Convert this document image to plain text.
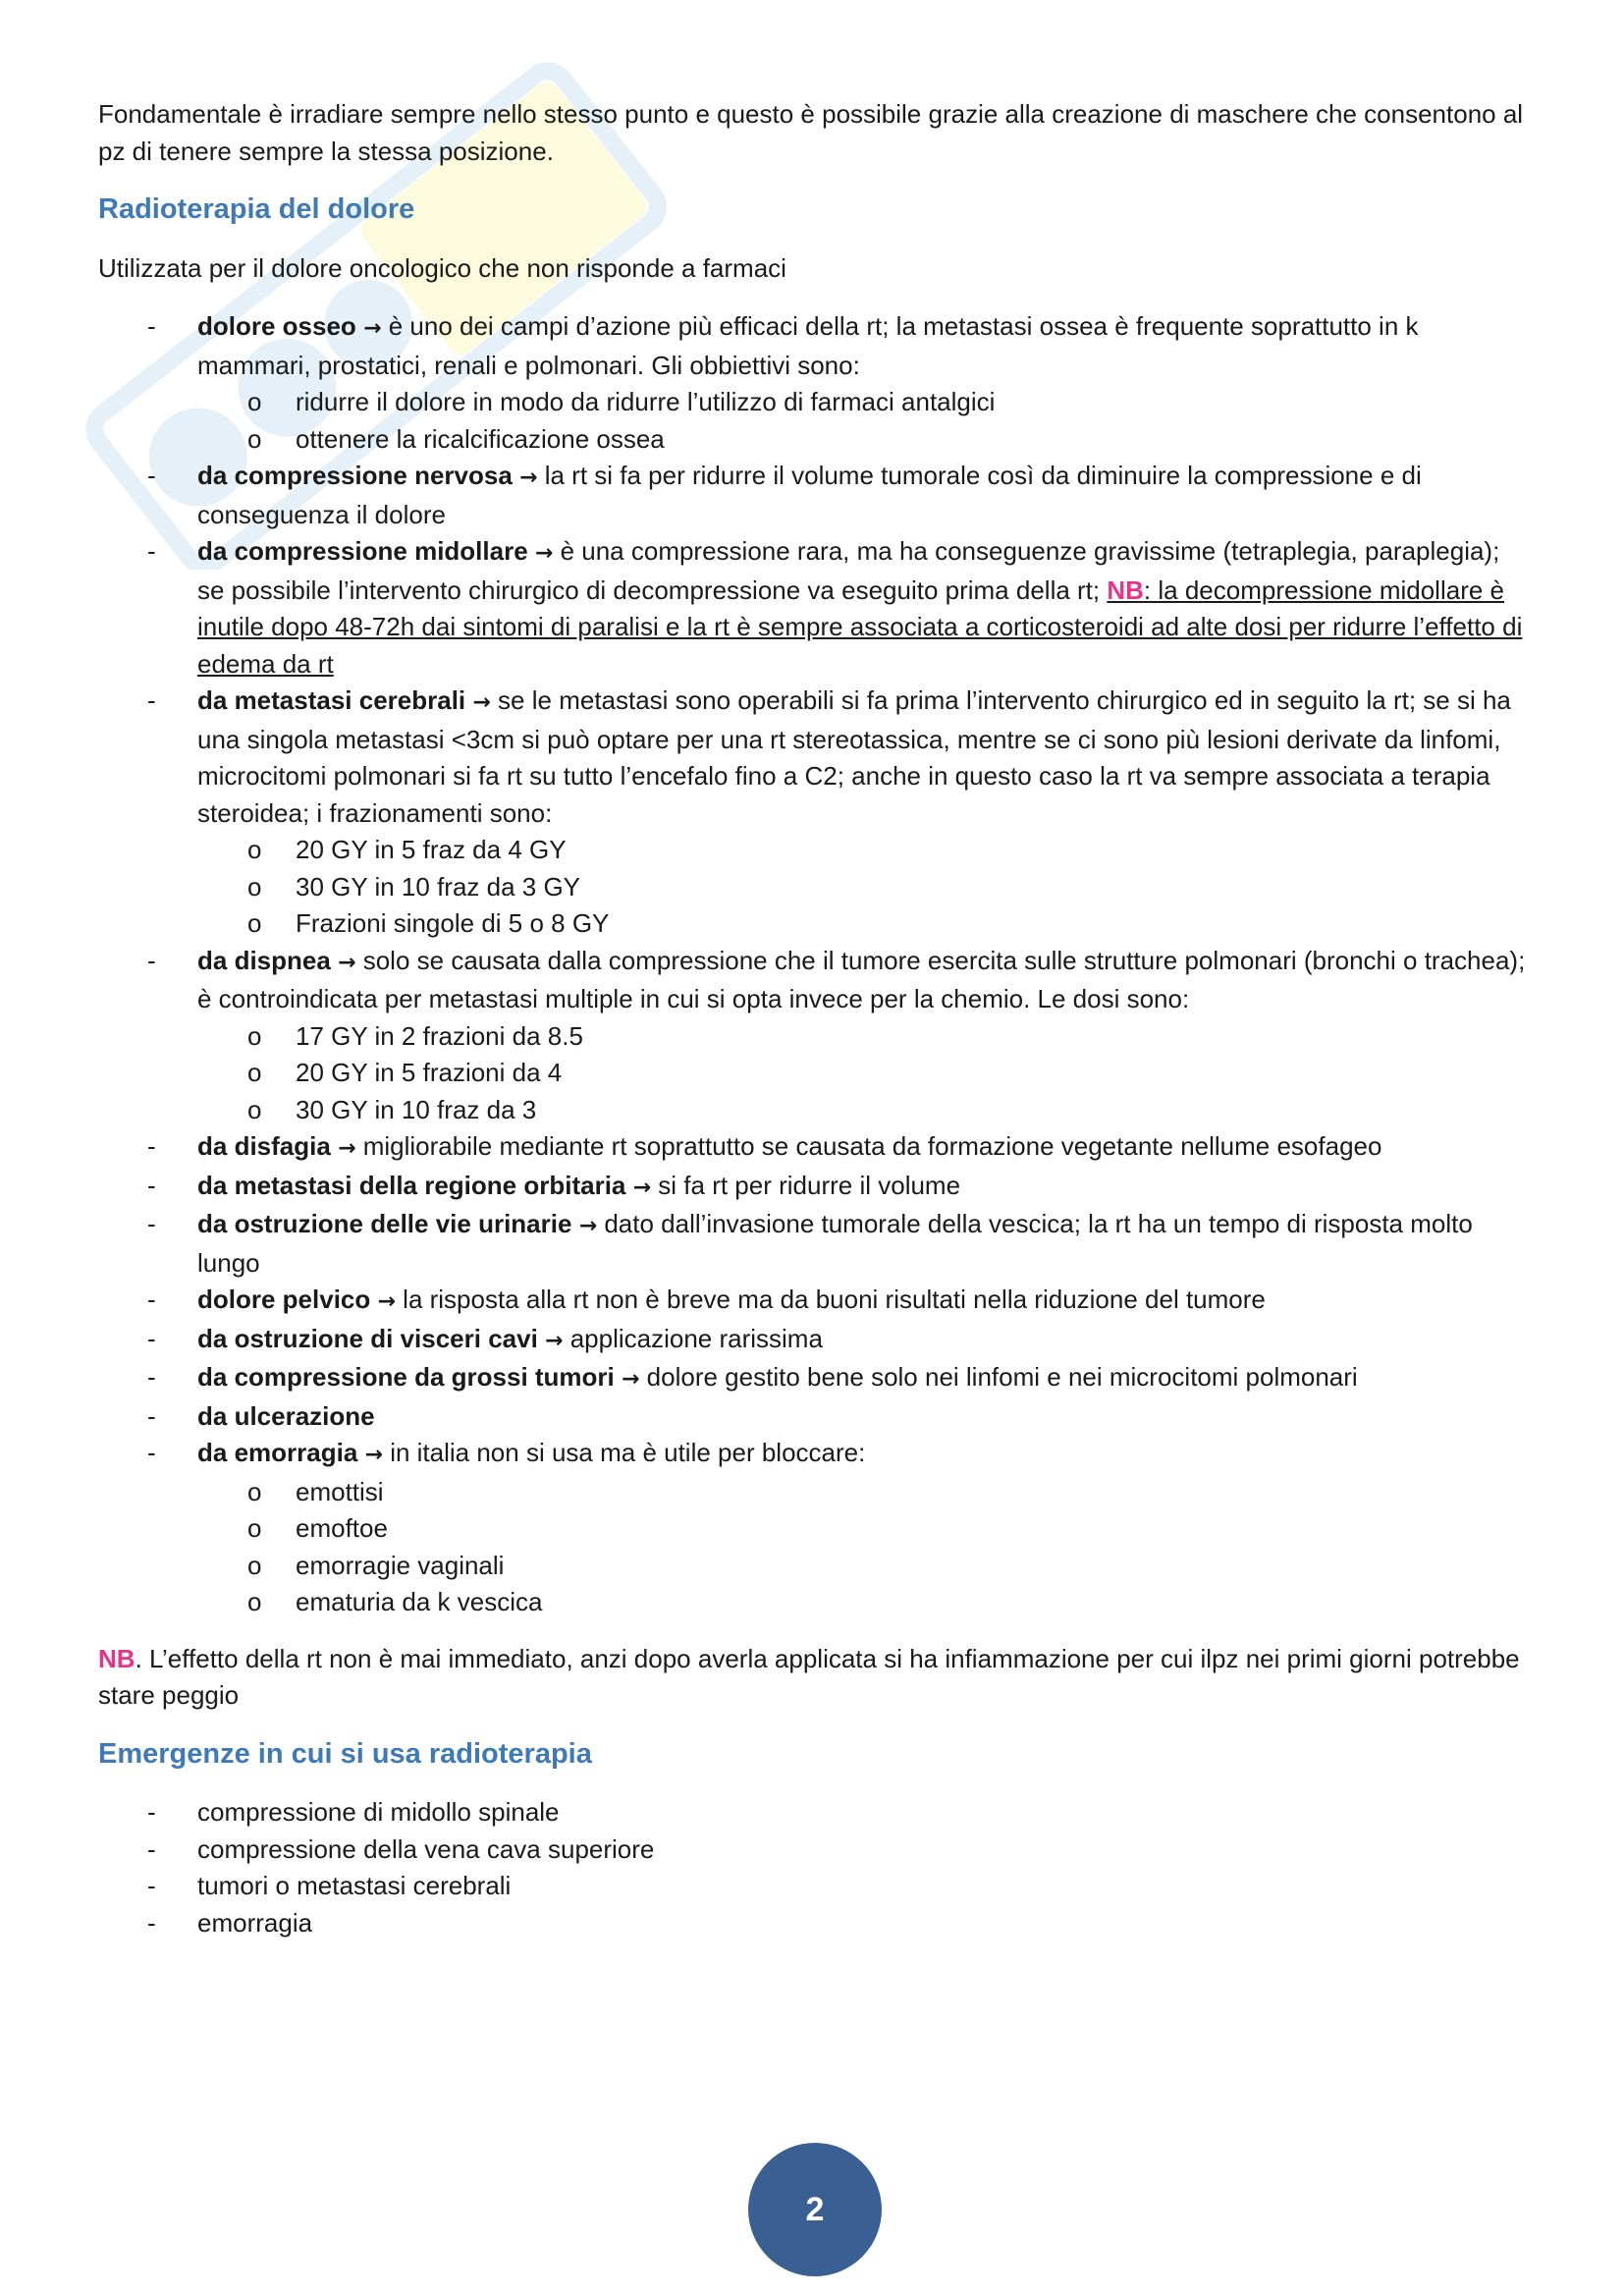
Fondamentale è irradiare sempre nello stesso punto e questo è possibile grazie alla creazione di maschere che consentono al pz di tenere sempre la stessa posizione.

Radioterapia del dolore

Utilizzata per il dolore oncologico che non risponde a farmaci

- dolore osseo → è uno dei campi d’azione più efficaci della rt; la metastasi ossea è frequente soprattutto in k mammari, prostatici, renali e polmonari. Gli obbiettivi sono:
o ridurre il dolore in modo da ridurre l’utilizzo di farmaci antalgici
o ottenere la ricalcificazione ossea
- da compressione nervosa → la rt si fa per ridurre il volume tumorale così da diminuire la compressione e di conseguenza il dolore
- da compressione midollare → è una compressione rara, ma ha conseguenze gravissime (tetraplegia, paraplegia); se possibile l’intervento chirurgico di decompressione va eseguito prima della rt; NB: la decompressione midollare è inutile dopo 48-72h dai sintomi di paralisi e la rt è sempre associata a corticosteroidi ad alte dosi per ridurre l’effetto di edema da rt
- da metastasi cerebrali → se le metastasi sono operabili si fa prima l’intervento chirurgico ed in seguito la rt; se si ha una singola metastasi <3cm si può optare per una rt stereotassica, mentre se ci sono più lesioni derivate da linfomi, microcitomi polmonari si fa rt su tutto l’encefalo fino a C2; anche in questo caso la rt va sempre associata a terapia steroidea; i frazionamenti sono:
o 20 GY in 5 fraz da 4 GY
o 30 GY in 10 fraz da 3 GY
o Frazioni singole di 5 o 8 GY
- da dispnea → solo se causata dalla compressione che il tumore esercita sulle strutture polmonari (bronchi o trachea); è controindicata per metastasi multiple in cui si opta invece per la chemio. Le dosi sono:
o 17 GY in 2 frazioni da 8.5
o 20 GY in 5 frazioni da 4
o 30 GY in 10 fraz da 3
- da disfagia → migliorabile mediante rt soprattutto se causata da formazione vegetante nellume esofageo
- da metastasi della regione orbitaria → si fa rt per ridurre il volume
- da ostruzione delle vie urinarie → dato dall’invasione tumorale della vescica; la rt ha un tempo di risposta molto lungo
- dolore pelvico → la risposta alla rt non è breve ma da buoni risultati nella riduzione del tumore
- da ostruzione di visceri cavi → applicazione rarissima
- da compressione da grossi tumori → dolore gestito bene solo nei linfomi e nei microcitomi polmonari
- da ulcerazione
- da emorragia → in italia non si usa ma è utile per bloccare:
o emottisi
o emoftoe
o emorragie vaginali
o ematuria da k vescica

NB. L’effetto della rt non è mai immediato, anzi dopo averla applicata si ha infiammazione per cui ilpz nei primi giorni potrebbe stare peggio

Emergenze in cui si usa radioterapia
- compressione di midollo spinale
- compressione della vena cava superiore
- tumori o metastasi cerebrali
- emorragia
2
